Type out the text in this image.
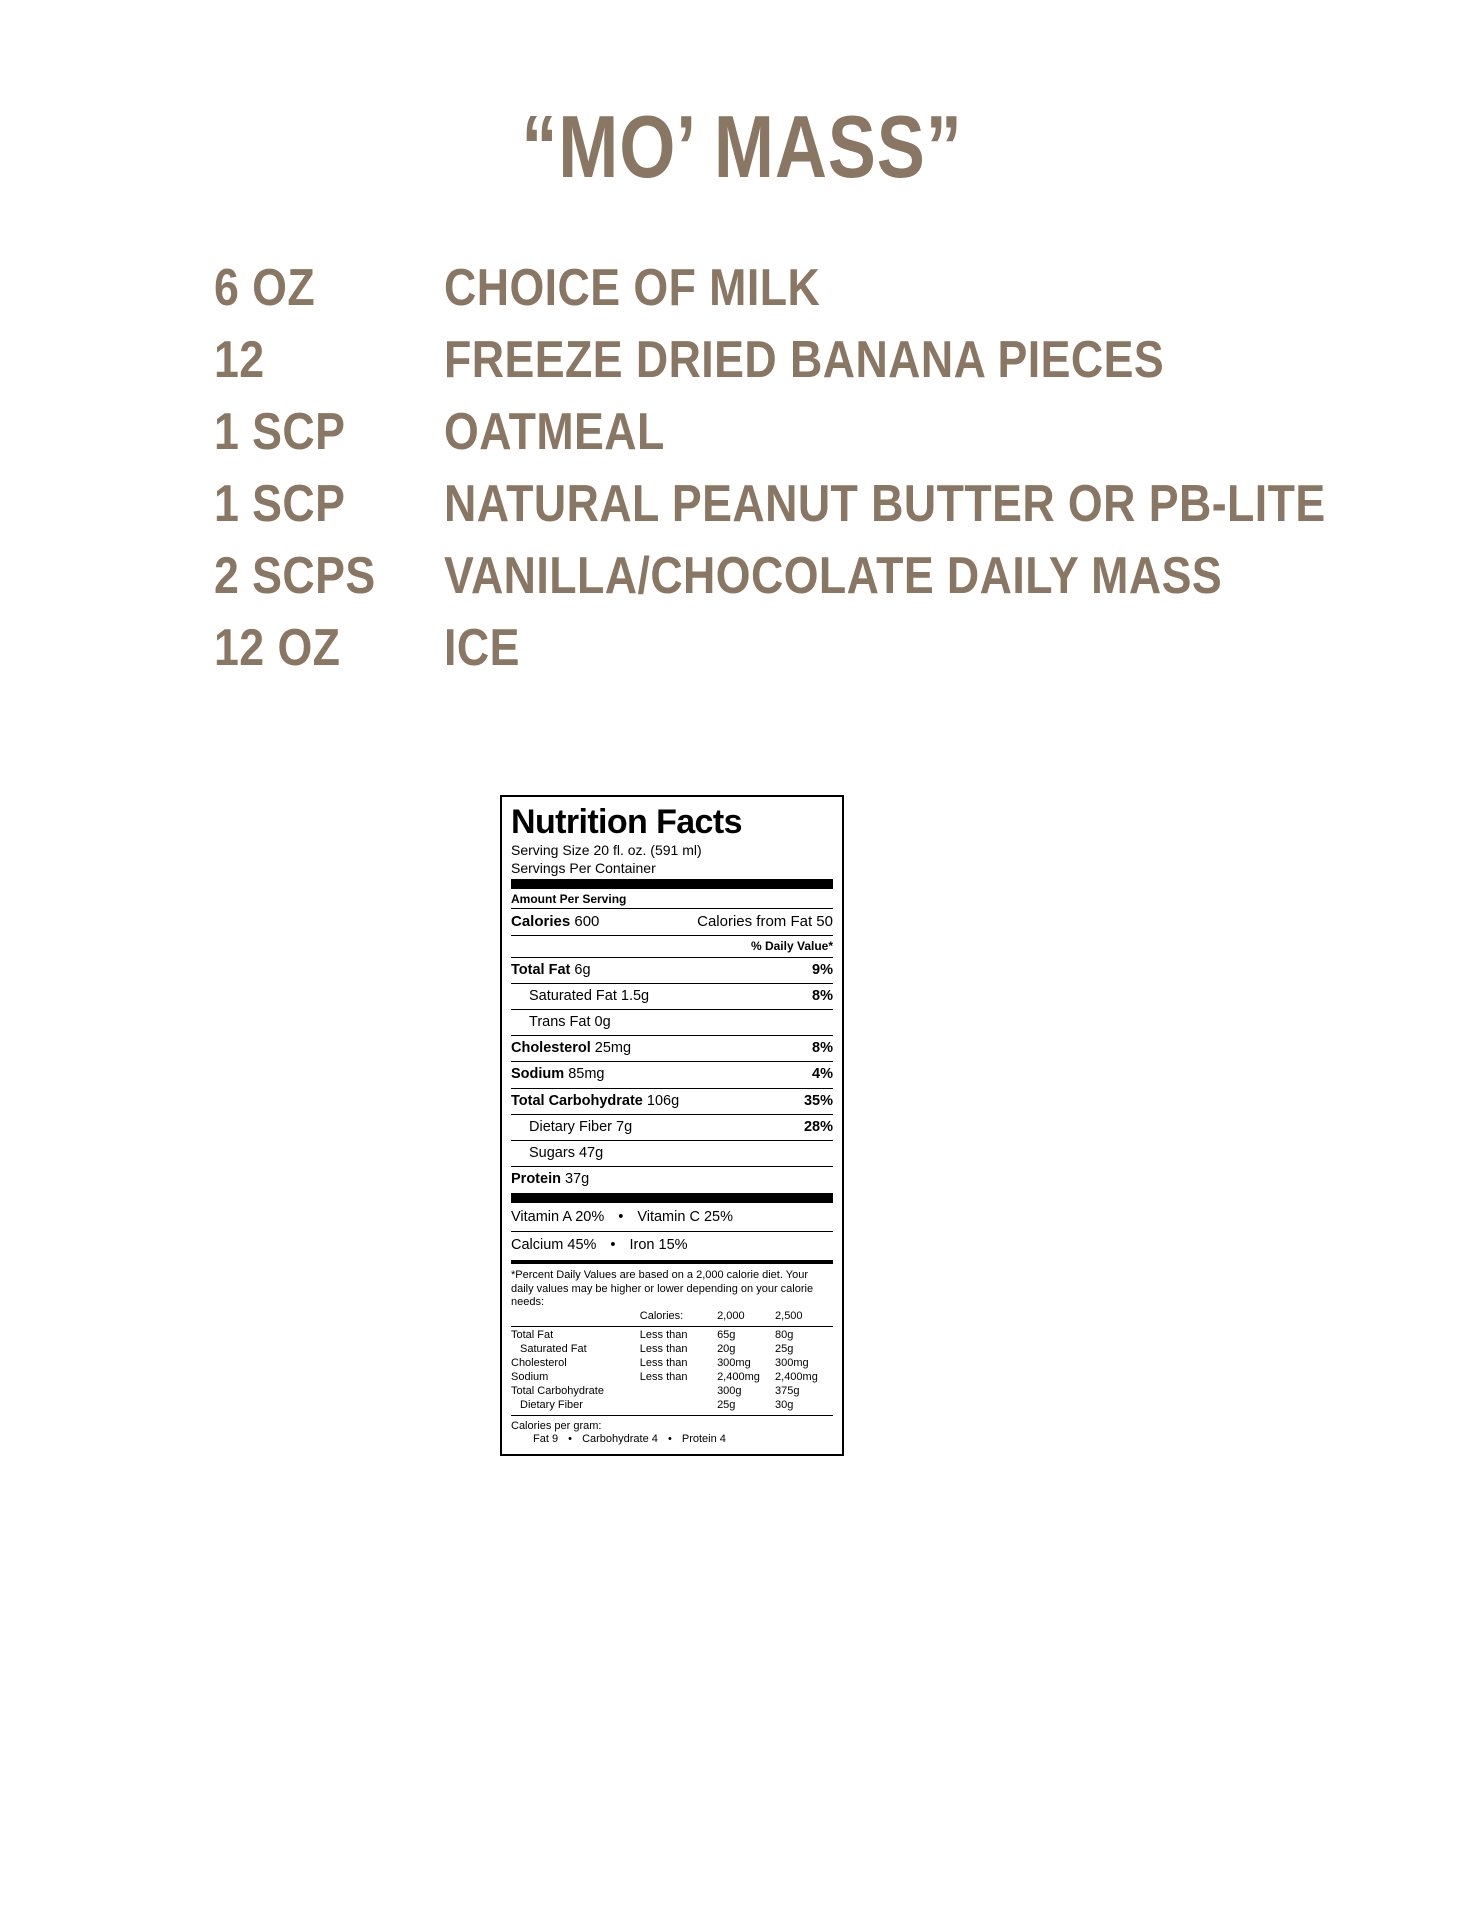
“MO’ MASS”
6 OZ	CHOICE OF MILK
12	FREEZE DRIED BANANA PIECES
1 SCP	OATMEAL
1 SCP	NATURAL PEANUT BUTTER OR PB-LITE
2 SCPS	VANILLA/CHOCOLATE DAILY MASS
12 OZ	ICE
Nutrition Facts
Serving Size 20 fl. oz. (591 ml)
Servings Per Container
Amount Per Serving
Calories 600	Calories from Fat 50
% Daily Value*
Total Fat 6g	9%
Saturated Fat 1.5g	8%
Trans Fat 0g
Cholesterol 25mg	8%
Sodium 85mg	4%
Total Carbohydrate 106g	35%
Dietary Fiber 7g	28%
Sugars 47g
Protein 37g
Vitamin A 20% • Vitamin C 25%
Calcium 45% • Iron 15%
*Percent Daily Values are based on a 2,000 calorie diet. Your daily values may be higher or lower depending on your calorie needs:
	Calories:	2,000	2,500
Total Fat	Less than	65g	80g
Saturated Fat	Less than	20g	25g
Cholesterol	Less than	300mg	300mg
Sodium	Less than	2,400mg	2,400mg
Total Carbohydrate		300g	375g
Dietary Fiber		25g	30g
Calories per gram:
Fat 9 • Carbohydrate 4 • Protein 4
